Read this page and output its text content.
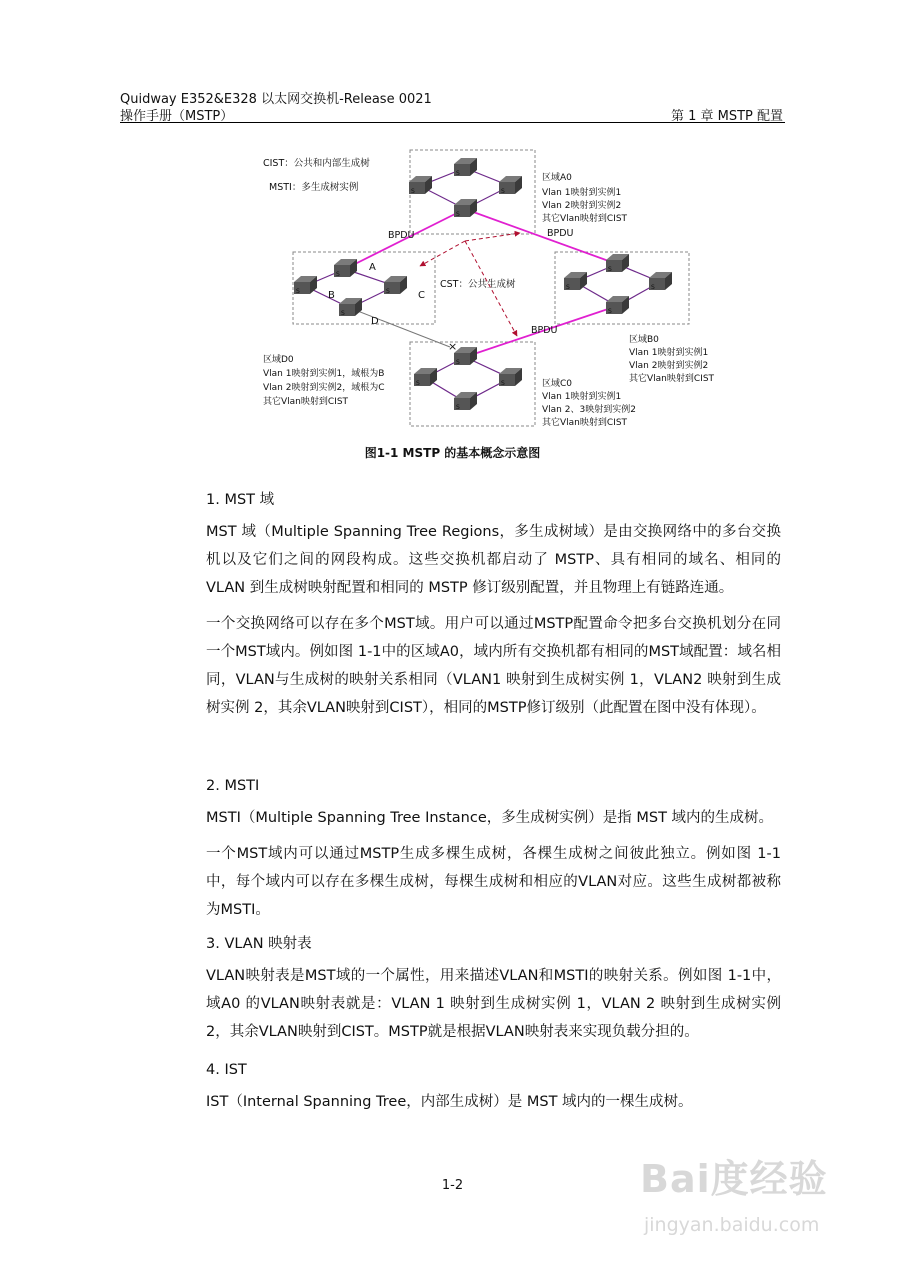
Quidway E352&E328 以太网交换机-Release 0021
操作手册（MSTP）	第 1 章 MSTP 配置
×
S
S
S
S
S
S
S
S
S
S
S
S
S
S
S
S
A
B	C
D
CIST：公共和内部生成树
MSTI：多生成树实例
BPDU	BPDU
BPDU
CST：公共生成树
区域A0 Vlan 1映射到实例1 Vlan 2映射到实例2 其它Vlan映射到CIST
区域B0 Vlan 1映射到实例1 Vlan 2映射到实例2 其它Vlan映射到CIST
区域D0 Vlan 1映射到实例1，域根为B Vlan 2映射到实例2，域根为C 其它Vlan映射到CIST
区域C0 Vlan 1映射到实例1 Vlan 2、3映射到实例2 其它Vlan映射到CIST
图1-1 MSTP 的基本概念示意图
1. MST 域

MST 域（Multiple Spanning Tree Regions，多生成树域）是由交换网络中的多台交换机以及它们之间的网段构成。这些交换机都启动了 MSTP、具有相同的域名、相同的 VLAN 到生成树映射配置和相同的 MSTP 修订级别配置，并且物理上有链路连通。

一个交换网络可以存在多个MST域。用户可以通过MSTP配置命令把多台交换机划分在同一个MST域内。例如图 1-1中的区域A0，域内所有交换机都有相同的MST域配置：域名相同，VLAN与生成树的映射关系相同（VLAN1 映射到生成树实例 1，VLAN2 映射到生成树实例 2，其余VLAN映射到CIST），相同的MSTP修订级别（此配置在图中没有体现）。

2. MSTI

MSTI（Multiple Spanning Tree Instance，多生成树实例）是指 MST 域内的生成树。

一个MST域内可以通过MSTP生成多棵生成树，各棵生成树之间彼此独立。例如图 1-1中，每个域内可以存在多棵生成树，每棵生成树和相应的VLAN对应。这些生成树都被称为MSTI。

3. VLAN 映射表

VLAN映射表是MST域的一个属性，用来描述VLAN和MSTI的映射关系。例如图 1-1中，域A0 的VLAN映射表就是：VLAN 1 映射到生成树实例 1，VLAN 2 映射到生成树实例 2，其余VLAN映射到CIST。MSTP就是根据VLAN映射表来实现负载分担的。

4. IST

IST（Internal Spanning Tree，内部生成树）是 MST 域内的一棵生成树。

1-2	Bai度经验
jingyan.baidu.com
